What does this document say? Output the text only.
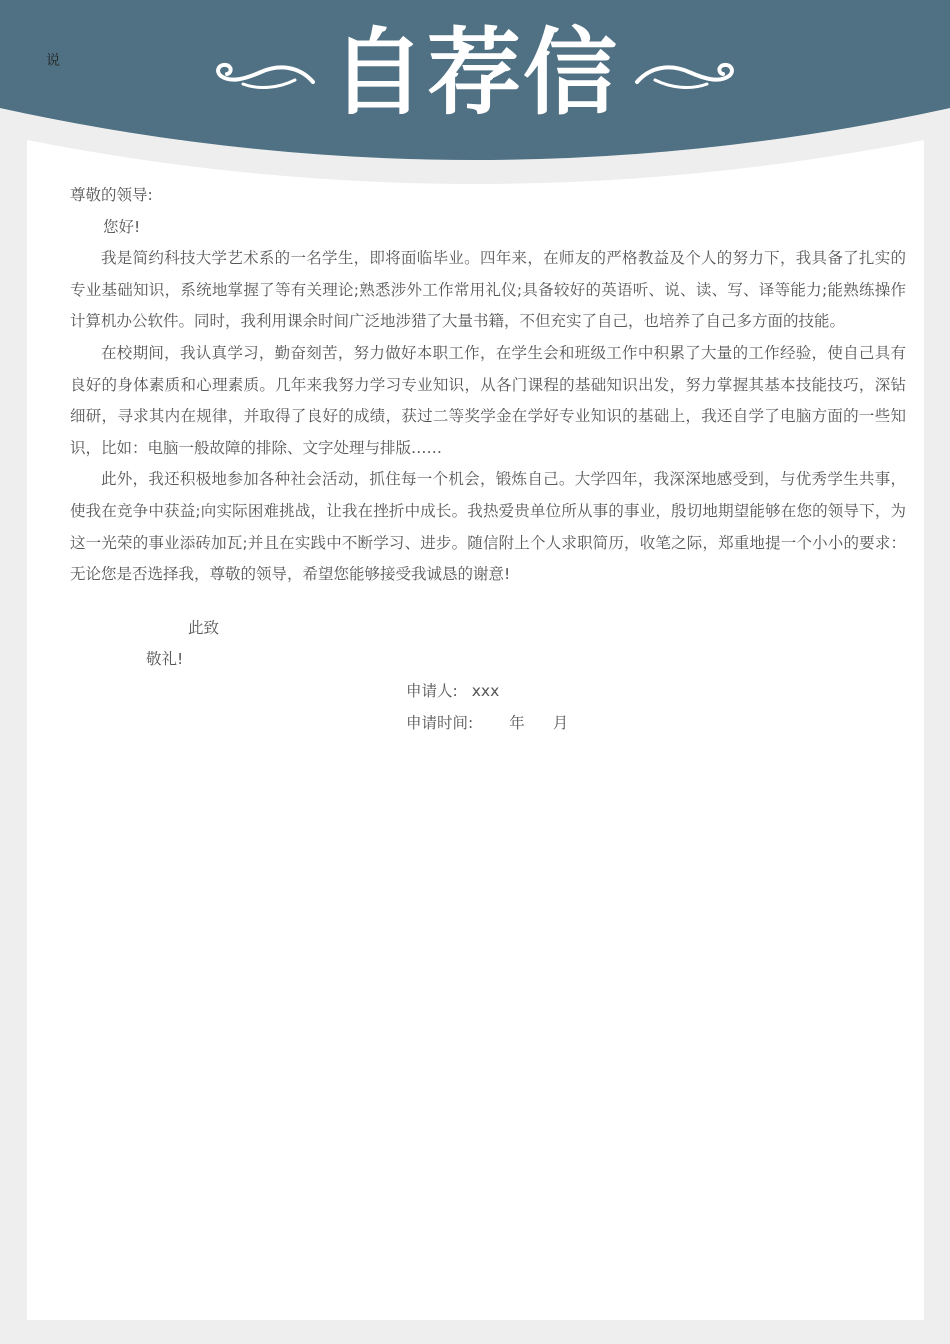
说	自荐信

尊敬的领导:

您好!

我是简约科技大学艺术系的一名学生，即将面临毕业。四年来，在师友的严格教益及个人的努力下，我具备了扎实的专业基础知识，系统地掌握了等有关理论;熟悉涉外工作常用礼仪;具备较好的英语听、说、读、写、译等能力;能熟练操作计算机办公软件。同时，我利用课余时间广泛地涉猎了大量书籍，不但充实了自己，也培养了自己多方面的技能。

在校期间，我认真学习，勤奋刻苦，努力做好本职工作，在学生会和班级工作中积累了大量的工作经验，使自己具有良好的身体素质和心理素质。几年来我努力学习专业知识，从各门课程的基础知识出发，努力掌握其基本技能技巧，深钻细研，寻求其内在规律，并取得了良好的成绩，获过二等奖学金在学好专业知识的基础上，我还自学了电脑方面的一些知识，比如：电脑一般故障的排除、文字处理与排版……

此外，我还积极地参加各种社会活动，抓住每一个机会，锻炼自己。大学四年，我深深地感受到，与优秀学生共事，使我在竞争中获益;向实际困难挑战，让我在挫折中成长。我热爱贵单位所从事的事业，殷切地期望能够在您的领导下，为这一光荣的事业添砖加瓦;并且在实践中不断学习、进步。随信附上个人求职简历，收笔之际，郑重地提一个小小的要求：无论您是否选择我，尊敬的领导，希望您能够接受我诚恳的谢意!

此致

敬礼!

申请人: xxx

申请时间: 年 月
